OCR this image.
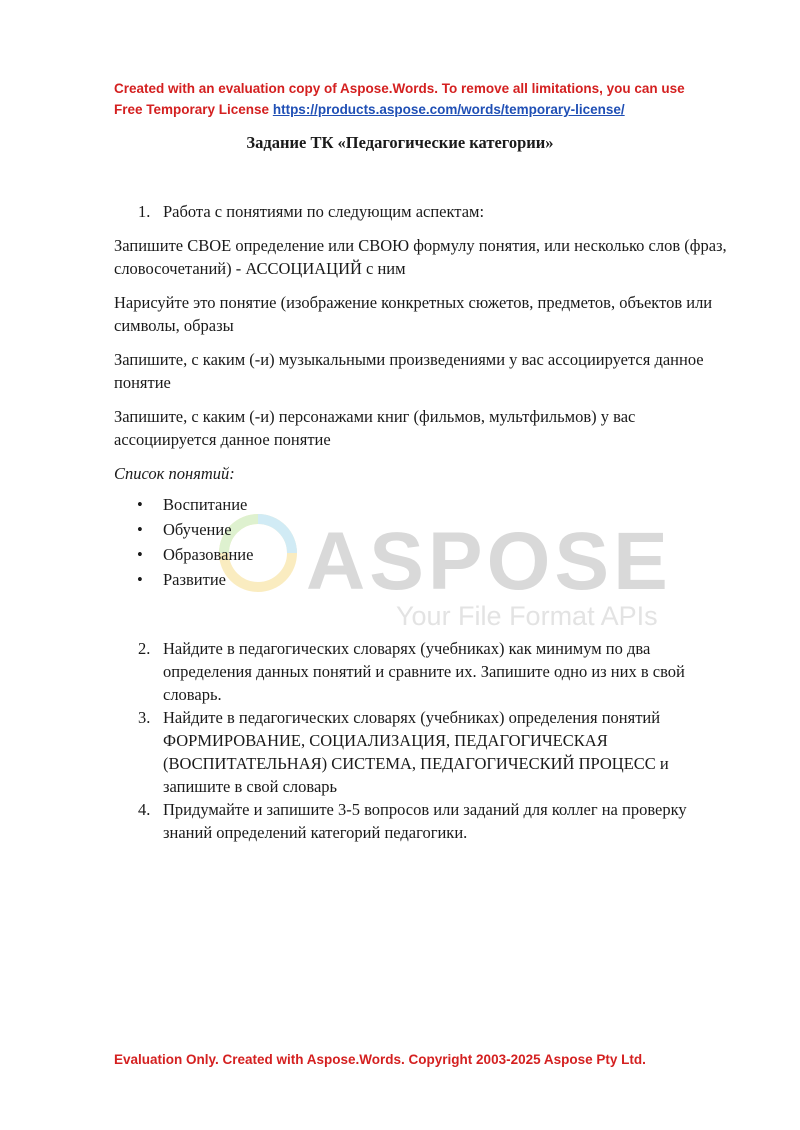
Created with an evaluation copy of Aspose.Words. To remove all limitations, you can use
Free Temporary License https://products.aspose.com/words/temporary-license/
Задание ТК «Педагогические категории»
ASPOSE
Your File Format APIs
1. Работа с понятиями по следующим аспектам:

Запишите СВОЕ определение или СВОЮ формулу понятия, или несколько слов (фраз, словосочетаний) - АССОЦИАЦИЙ с ним

Нарисуйте это понятие (изображение конкретных сюжетов, предметов, объектов или символы, образы

Запишите, с каким (-и) музыкальными произведениями у вас ассоциируется данное понятие

Запишите, с каким (-и) персонажами книг (фильмов, мультфильмов) у вас ассоциируется данное понятие

Список понятий:

• Воспитание
• Обучение
• Образование
• Развитие
2. Найдите в педагогических словарях (учебниках) как минимум по два определения данных понятий и сравните их. Запишите одно из них в свой словарь.
3. Найдите в педагогических словарях (учебниках) определения понятий ФОРМИРОВАНИЕ, СОЦИАЛИЗАЦИЯ, ПЕДАГОГИЧЕСКАЯ (ВОСПИТАТЕЛЬНАЯ) СИСТЕМА, ПЕДАГОГИЧЕСКИЙ ПРОЦЕСС и запишите в свой словарь
4. Придумайте и запишите 3-5 вопросов или заданий для коллег на проверку знаний определений категорий педагогики.
Evaluation Only. Created with Aspose.Words. Copyright 2003-2025 Aspose Pty Ltd.
